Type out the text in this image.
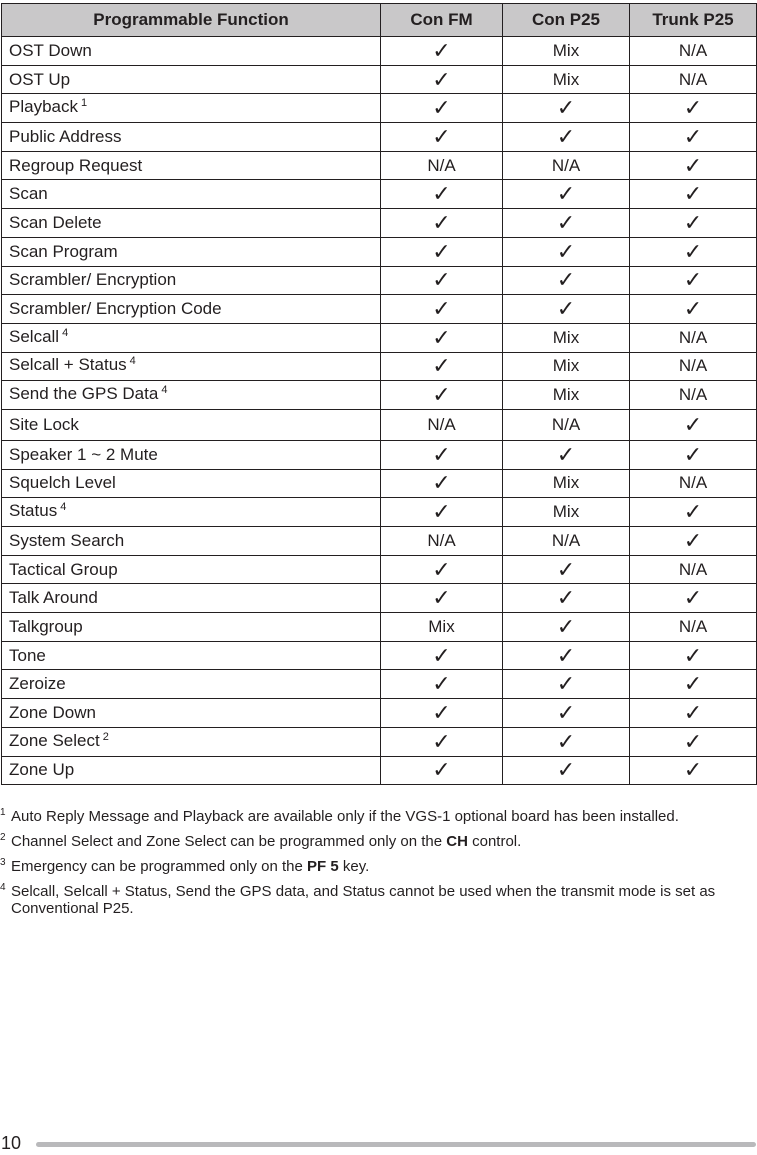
Programmable Function	Con FM	Con P25	Trunk P25
OST Down	✓	Mix	N/A
OST Up	✓	Mix	N/A
Playback $^1$	✓	✓	✓
Public Address	✓	✓	✓
Regroup Request	N/A	N/A	✓
Scan	✓	✓	✓
Scan Delete	✓	✓	✓
Scan Program	✓	✓	✓
Scrambler/ Encryption	✓	✓	✓
Scrambler/ Encryption Code	✓	✓	✓
Selcall $^4$	✓	Mix	N/A
Selcall + Status $^4$	✓	Mix	N/A
Send the GPS Data $^4$	✓	Mix	N/A
Site Lock	N/A	N/A	✓
Speaker 1 ~ 2 Mute	✓	✓	✓
Squelch Level	✓	Mix	N/A
Status $^4$	✓	Mix	✓
System Search	N/A	N/A	✓
Tactical Group	✓	✓	N/A
Talk Around	✓	✓	✓
Talkgroup	Mix	✓	N/A
Tone	✓	✓	✓
Zeroize	✓	✓	✓
Zone Down	✓	✓	✓
Zone Select $^2$	✓	✓	✓
Zone Up	✓	✓	✓
1 Auto Reply Message and Playback are available only if the VGS-1 optional board has been installed.
2 Channel Select and Zone Select can be programmed only on the CH control.
3 Emergency can be programmed only on the PF 5 key.
4 Selcall, Selcall + Status, Send the GPS data, and Status cannot be used when the transmit mode is set as Conventional P25.
10
